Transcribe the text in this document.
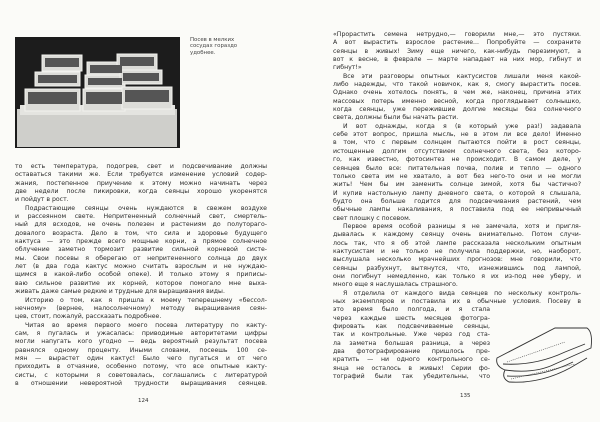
Посев в мелких сосудах гораздо удобнее.
то есть температура, подогрев, свет и подсвечивание должны
оставаться такими же. Если требуется изменение условий содер-
жания, постепенное приучение к этому можно начинать через
две недели после пикировки, когда сеянцы хорошо укоренятся
и пойдут в рост.
Подрастающие сеянцы очень нуждаются в свежем воздухе
и рассеянном свете. Непритененный солнечный свет, смертель-
ный для всходов, не очень полезен и растениям до полутораго-
довалого возраста. Дело в том, что сила и здоровье будущего
кактуса — это прежде всего мощные корни, а прямое солнечное
облучение заметно тормозит развитие сильной корневой систе-
мы. Свои посевы я оберегаю от непритененного солнца до двух
лет (в два года кактус можно считать взрослым и не нуждаю-
щимся в какой-либо особой опеке). И только этому я приписы-
ваю сильное развитие их корней, которое помогало мне выха-
живать даже самые редкие и трудные для выращивания виды.
Историю о том, как я пришла к моему теперешнему «бессол-
нечному» (вернее, малосолнечному) методу выращивания сеян-
цев, стоит, пожалуй, рассказать подробнее.
Читая во время первого моего посева литературу по какту-
сам, я пугалась и ужасалась: приводимые авторитетами цифры
могли напугать кого угодно — ведь вероятный результат посева
равнялся одному проценту. Иными словами, посеешь 100 се-
мян — вырастет один кактус! Было чего пугаться и от чего
приходить в отчаяние, особенно потому, что все опытные какту-
систы, с которыми я советовалась, соглашались с литературой
в отношении невероятной трудности выращивания сеянцев.
124
«Прорастить семена нетрудно,— говорили мне,— это пустяки.
А вот вырастить взрослое растение... Попробуйте — сохраните
сеянцы в живых! Зиму еще ничего, как-нибудь перезимуют, а
вот к весне, в феврале — марте нападает на них мор, гибнут и
гибнут!»
Все эти разговоры опытных кактусистов лишали меня какой-
либо надежды, что такой новичок, как я, смогу вырастить посев.
Однако очень хотелось понять, в чем же, наконец, причина этих
массовых потерь именно весной, когда проглядывает солнышко,
когда сеянцы, уже пережившие долгие месяцы без солнечного
света, должны были бы начать расти.
И вот однажды, когда я (в который уже раз!) задавала
себе этот вопрос, пришла мысль, не в этом ли все дело! Именно
в том, что с первым солнцем пытаются пойти в рост сеянцы,
истощенные долгим отсутствием солнечного света, без которо-
го, как известно, фотосинтез не происходит. В самом деле, у
сеянцев было все: питательная почва, полив и тепло — одного
только света им не хватало, а вот без него-то они и не могли
жить! Чем бы им заменить солнце зимой, хотя бы частично?
И купив настольную лампу дневного света, о которой я слышала,
будто она больше годится для подсвечивания растений, чем
обычные лампы накаливания, я поставила под ее непривычный
свет плошку с посевом.
Первое время особой разницы я не замечала, хотя и пригля-
дывалась к каждому сеянцу очень внимательно. Потом случи-
лось так, что я об этой лампе рассказала нескольким опытным
кактусистам и не только не получила поддержки, но, наоборот,
выслушала несколько мрачнейших прогнозов: мне говорили, что
сеянцы разбухнут, вытянутся, что, изнежившись под лампой,
они погибнут немедленно, как только я их из-под нее уберу, и
много еще я наслушалась страшного.
Я отделила от каждого вида сеянцев по нескольку контроль-
ных экземпляров и поставила их в обычные условия. Посеву в
это время было полгода, и я стала
через каждые шесть месяцев фотогра-
фировать как подсвечиваемые сеянцы,
так и контрольные. Уже через год ста-
ла заметна большая разница, а через
два фотографирование пришлось пре-
кратить — ни одного контрольного се-
янца не осталось в живых! Серии фо-
тографий были так убедительны, что
135
